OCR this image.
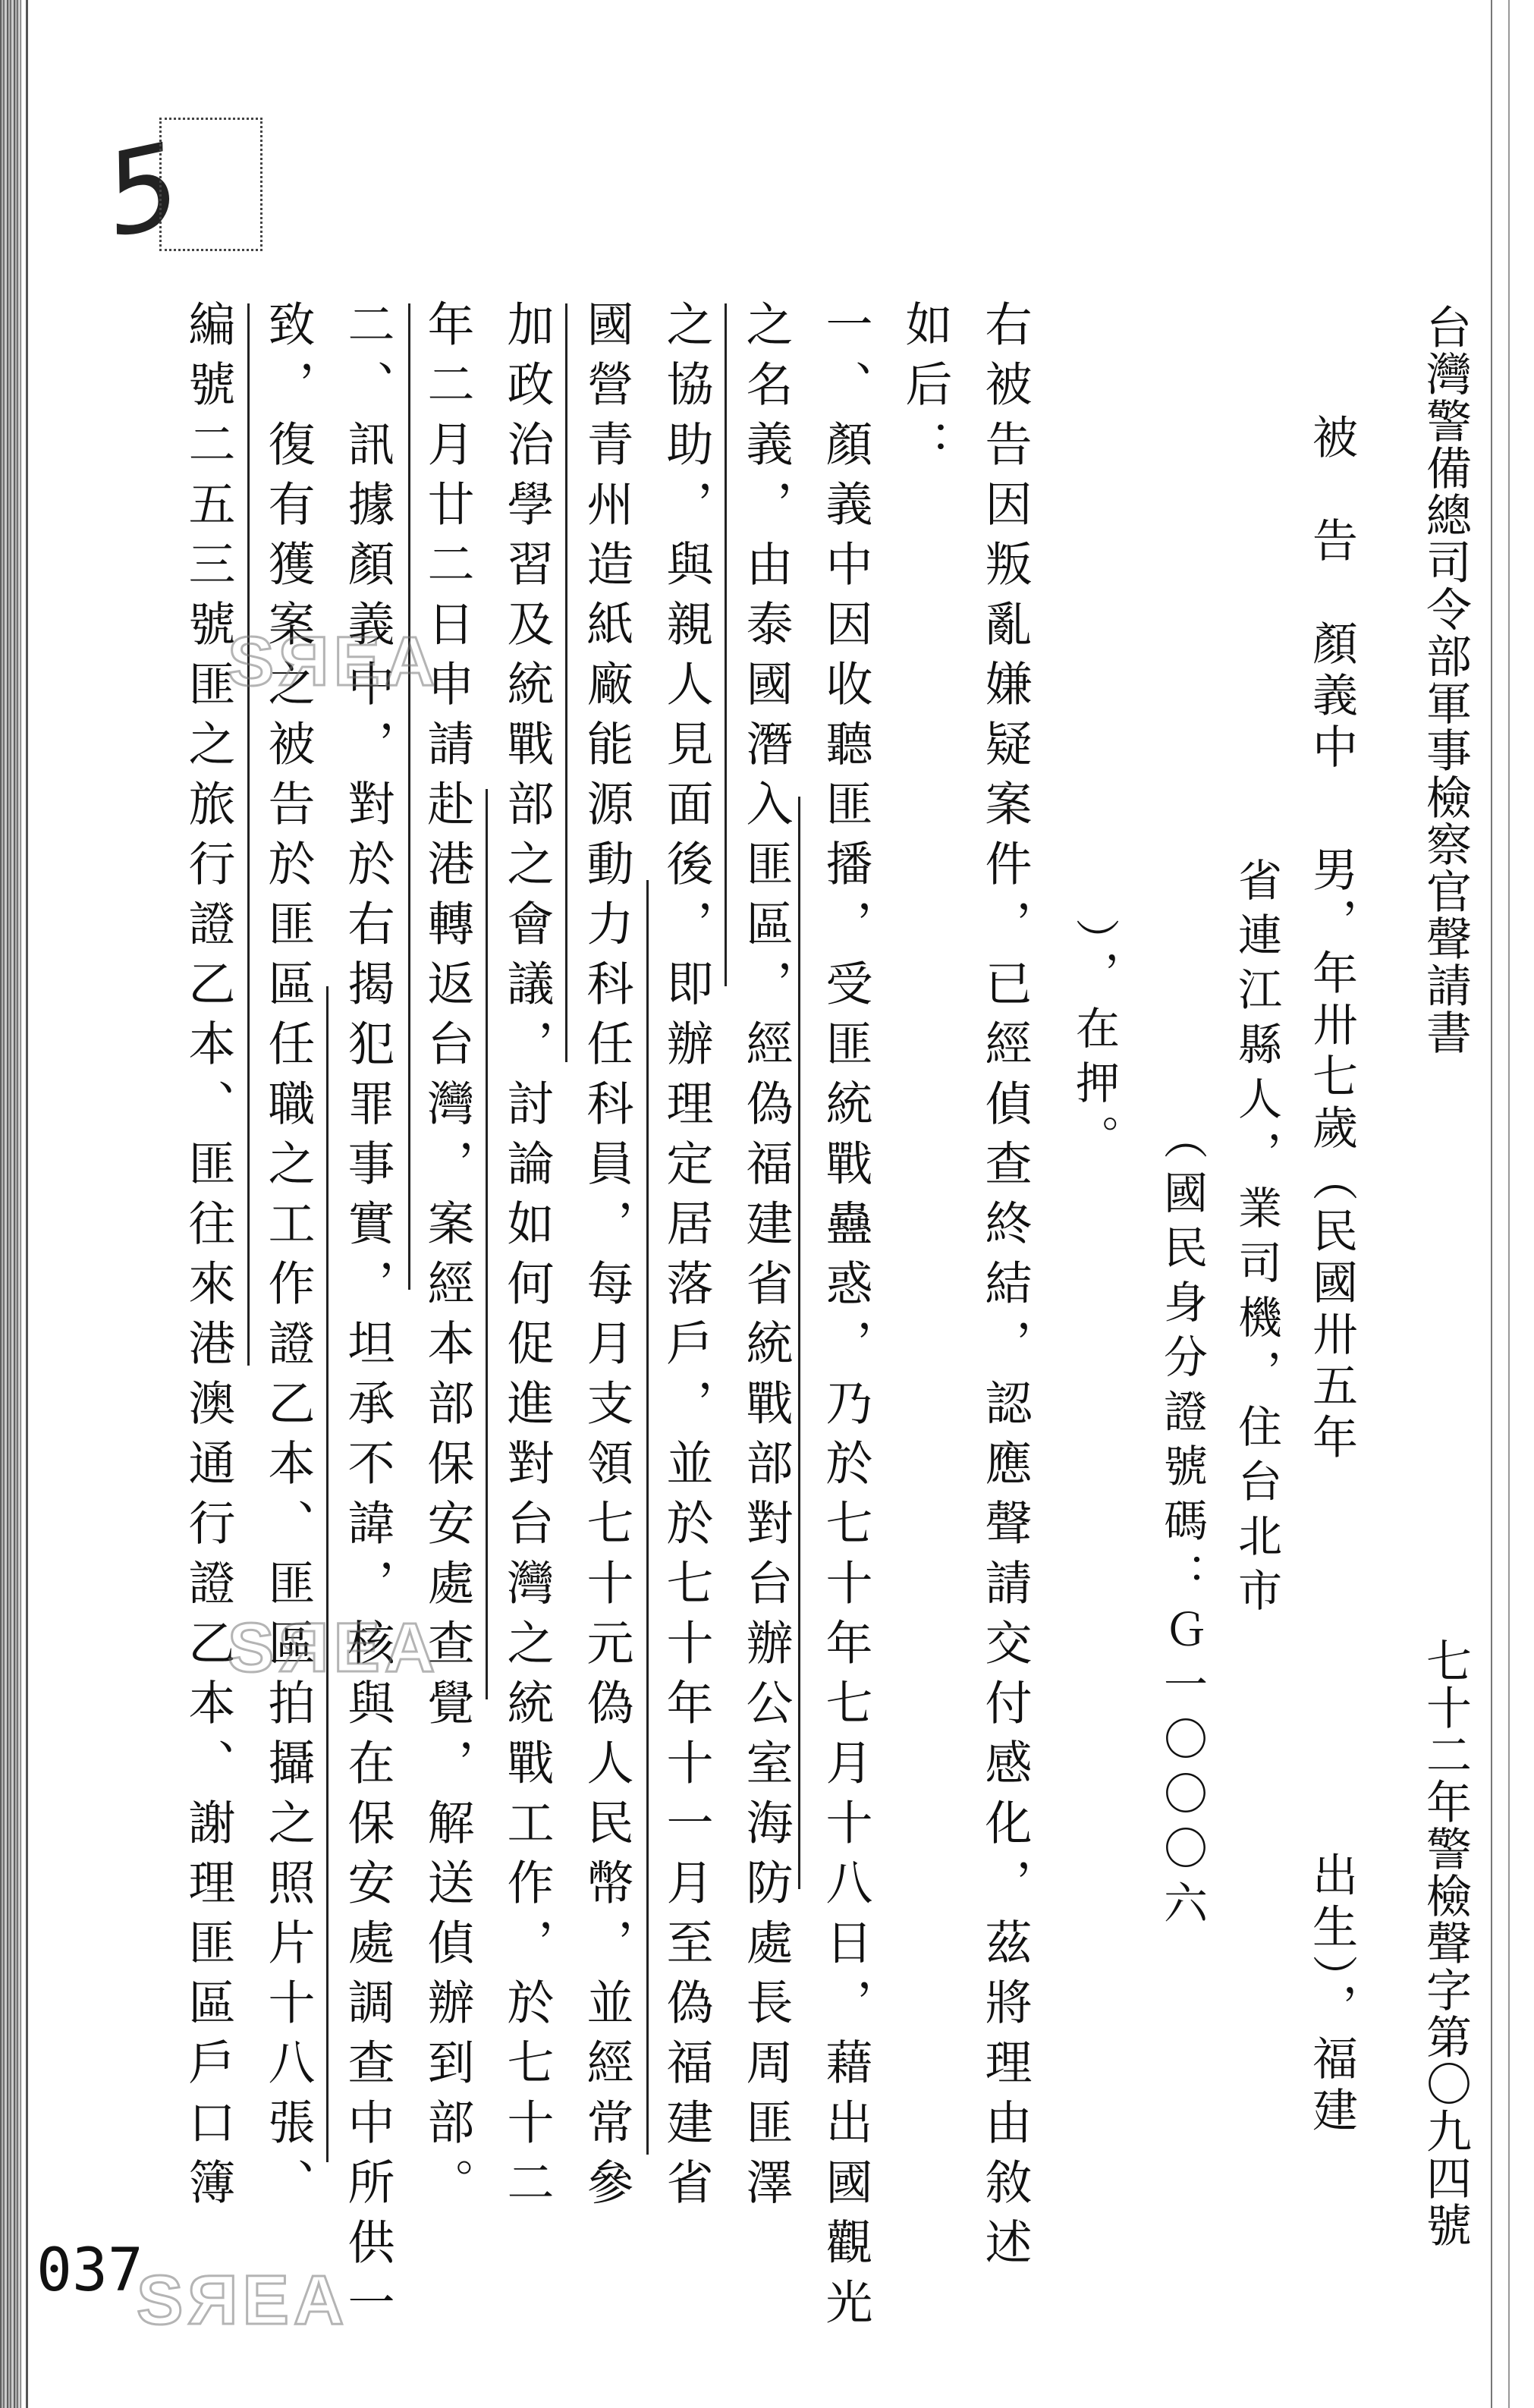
5
台灣警備總司令部軍事檢察官聲請書
被　告　顏義中
男，年卅七歲（民國卅五年
出生），福建
省連江縣人，業司機，住台北市
（國民身分證號碼：Ｇ一〇〇〇六
），在押。
七十二年警檢聲字第〇九四號
右被告因叛亂嫌疑案件，已經偵查終結，認應聲請交付感化，茲將理由敘述
如后：
一、顏義中因收聽匪播，受匪統戰蠱惑，乃於七十年七月十八日，藉出國觀光
之名義，由泰國潛入匪區，經偽福建省統戰部對台辦公室海防處長周匪澤
之協助，與親人見面後，即辦理定居落戶，並於七十年十一月至偽福建省
國營青州造紙廠能源動力科任科員，每月支領七十元偽人民幣，並經常參
加政治學習及統戰部之會議，討論如何促進對台灣之統戰工作，於七十二
年二月廿二日申請赴港轉返台灣，案經本部保安處查覺，解送偵辦到部。
二、訊據顏義中，對於右揭犯罪事實，坦承不諱，核與在保安處調查中所供一
致，復有獲案之被告於匪區任職之工作證乙本、匪區拍攝之照片十八張、
編號二五三號匪之旅行證乙本、匪往來港澳通行證乙本、謝理匪區戶口簿
SЯEA
SЯEA
SЯEA
037
